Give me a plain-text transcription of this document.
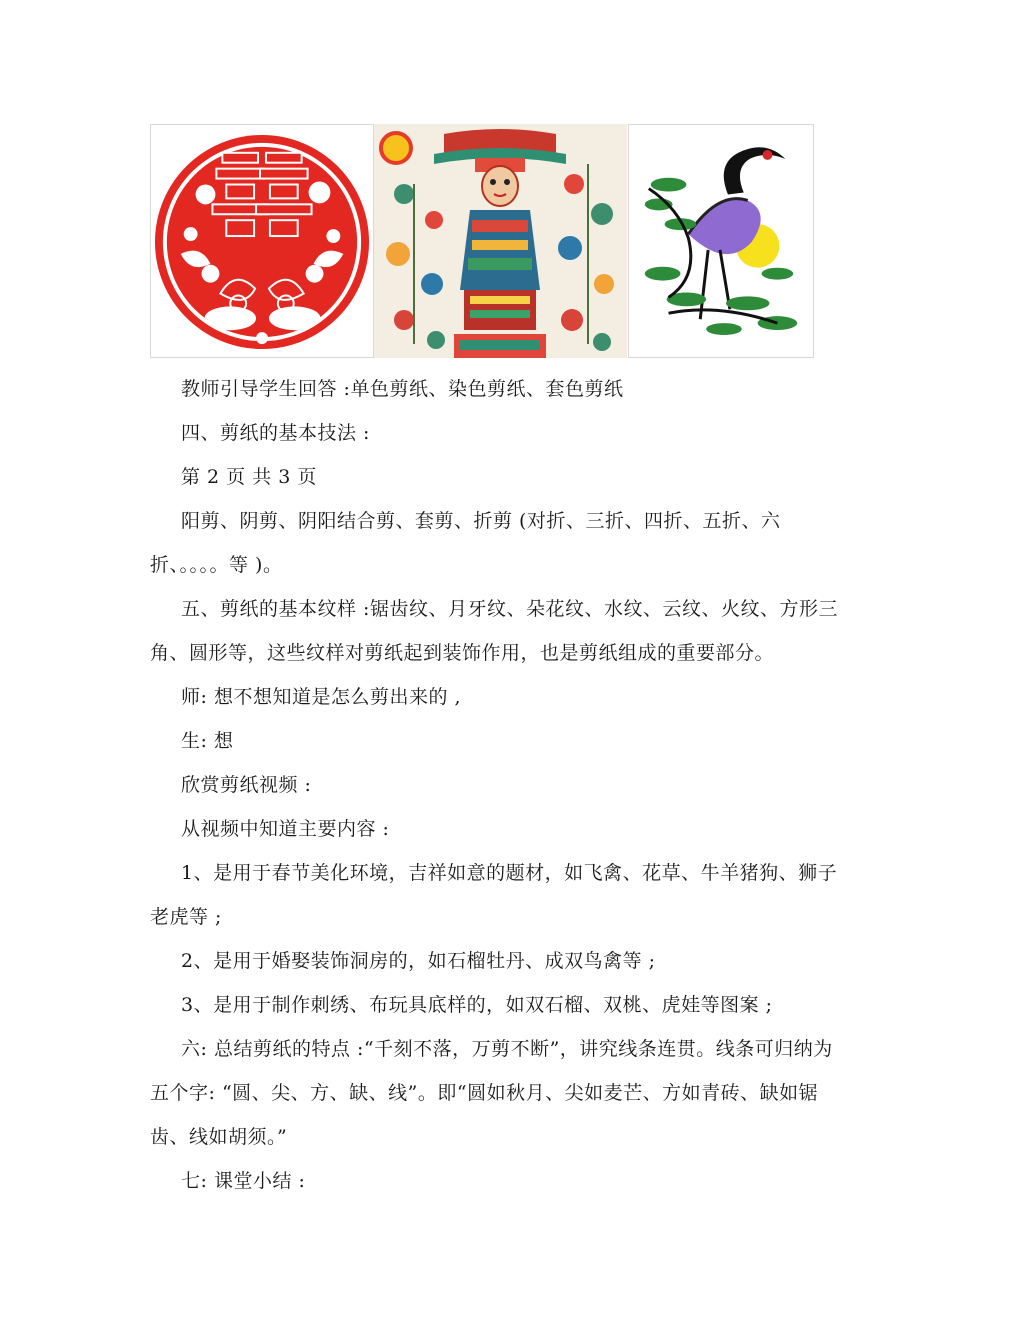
教师引导学生回答 :单色剪纸、染色剪纸、套色剪纸
四、剪纸的基本技法 :
第 2 页 共 3 页
阳剪、阴剪、阴阳结合剪、套剪、折剪 (对折、三折、四折、五折、六
折、。。。。等 )。
五、剪纸的基本纹样 :锯齿纹、月牙纹、朵花纹、水纹、云纹、火纹、方形三
角、圆形等，这些纹样对剪纸起到装饰作用，也是剪纸组成的重要部分。
师: 想不想知道是怎么剪出来的 ,
生: 想
欣赏剪纸视频 :
从视频中知道主要内容 :
1、是用于春节美化环境，吉祥如意的题材，如飞禽、花草、牛羊猪狗、狮子
老虎等 ;
2、是用于婚娶装饰洞房的，如石榴牡丹、成双鸟禽等 ;
3、是用于制作刺绣、布玩具底样的，如双石榴、双桃、虎娃等图案 ;
六: 总结剪纸的特点 :“千刻不落，万剪不断”，讲究线条连贯。线条可归纳为
五个字: “圆、尖、方、缺、线”。即“圆如秋月、尖如麦芒、方如青砖、缺如锯
齿、线如胡须。”
七: 课堂小结 :
